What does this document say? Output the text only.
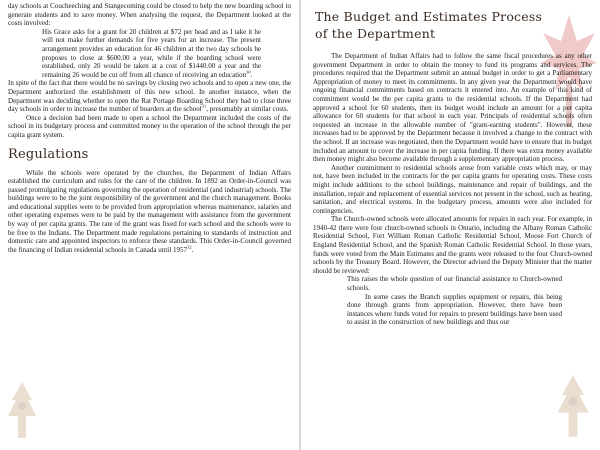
day schools at Coucheeching and Stangecoming could be closed to help the new boarding school to generate students and to save money. When analysing the request, the Department looked at the costs involved:

His Grace asks for a grant for 20 children at $72 per head and as I take it he will not make further demands for five years for an increase. The present arrangement provides an education for 46 children at the two day schools he proposes to close at $600.00 a year, while if the boarding school were established, only 20 would be taken at a cost of $1440.00 a year and the remaining 26 would be cut off from all chance of receiving an education$^{30}$.

In spite of the fact that there would be no savings by closing two schools and to open a new one, the Department authorized the establishment of this new school. In another instance, when the Department was deciding whether to open the Rat Portage Boarding School they had to close three day schools in order to increase the number of boarders at the school$^{31}$, presumably at similar costs.

Once a decision had been made to open a school the Department included the costs of the school in its budgetary process and committed money to the operation of the school through the per capita grant system.

Regulations

While the schools were operated by the churches, the Department of Indian Affairs established the curriculum and rules for the care of the children. In 1892 an Order-in-Council was passed promulgating regulations governing the operation of residential (and industrial) schools. The buildings were to be the joint responsibility of the government and the church management. Books and educational supplies were to be provided from appropriation whereas maintenance, salaries and other operating expenses were to be paid by the management with assistance from the government by way of per capita grants. The rate of the grant was fixed for each school and the schools were to be free to the Indians. The Department made regulations pertaining to standards of instruction and domestic care and appointed inspectors to enforce these standards. This Order-in-Council governed the financing of Indian residential schools in Canada until 1957$^{32}$.

The Budget and Estimates Process
of the Department

The Department of Indian Affairs had to follow the same fiscal procedures as any other government Department in order to obtain the money to fund its programs and services. The procedures required that the Department submit an annual budget in order to get a Parliamentary Appropriation of money to meet its commitments. In any given year the Department would have ongoing financial commitments based on contracts it entered into. An example of this kind of commitment would be the per capita grants to the residential schools. If the Department had approved a school for 60 students, then its budget would include an amount for a per capita allowance for 60 students for that school in each year. Principals of residential schools often requested an increase in the allowable number of "grant-earning students". However, these increases had to be approved by the Department because it involved a change to the contract with the school. If an increase was negotiated, then the Department would have to ensure that its budget included an amount to cover the increase in per capita funding. If there was extra money available then money might also become available through a supplementary appropriation process.

Another commitment to residential schools arose from variable costs which may, or may not, have been included in the contracts for the per capita grants for operating costs. These costs might include additions to the school buildings, maintenance and repair of buildings, and the installation, repair and replacement of essential services not present in the school, such as heating, sanitation, and electrical systems. In the budgetary process, amounts were also included for contingencies.

The Church-owned schools were allocated amounts for repairs in each year. For example, in 1940-42 there were four church-owned schools in Ontario, including the Albany Roman Catholic Residential School, Fort William Roman Catholic Residential School, Moose Fort Church of England Residential School, and the Spanish Roman Catholic Residential School. In those years, funds were voted from the Main Estimates and the grants were released to the four Church-owned schools by the Treasury Board. However, the Director advised the Deputy Minister that the matter should be reviewed:

This raises the whole question of our financial assistance to Church-owned schools.

In some cases the Branch supplies equipment or repairs, this being done through grants from appropriation. However, there have been instances where funds voted for repairs to present buildings have been used to assist in the construction of new buildings and thus our
